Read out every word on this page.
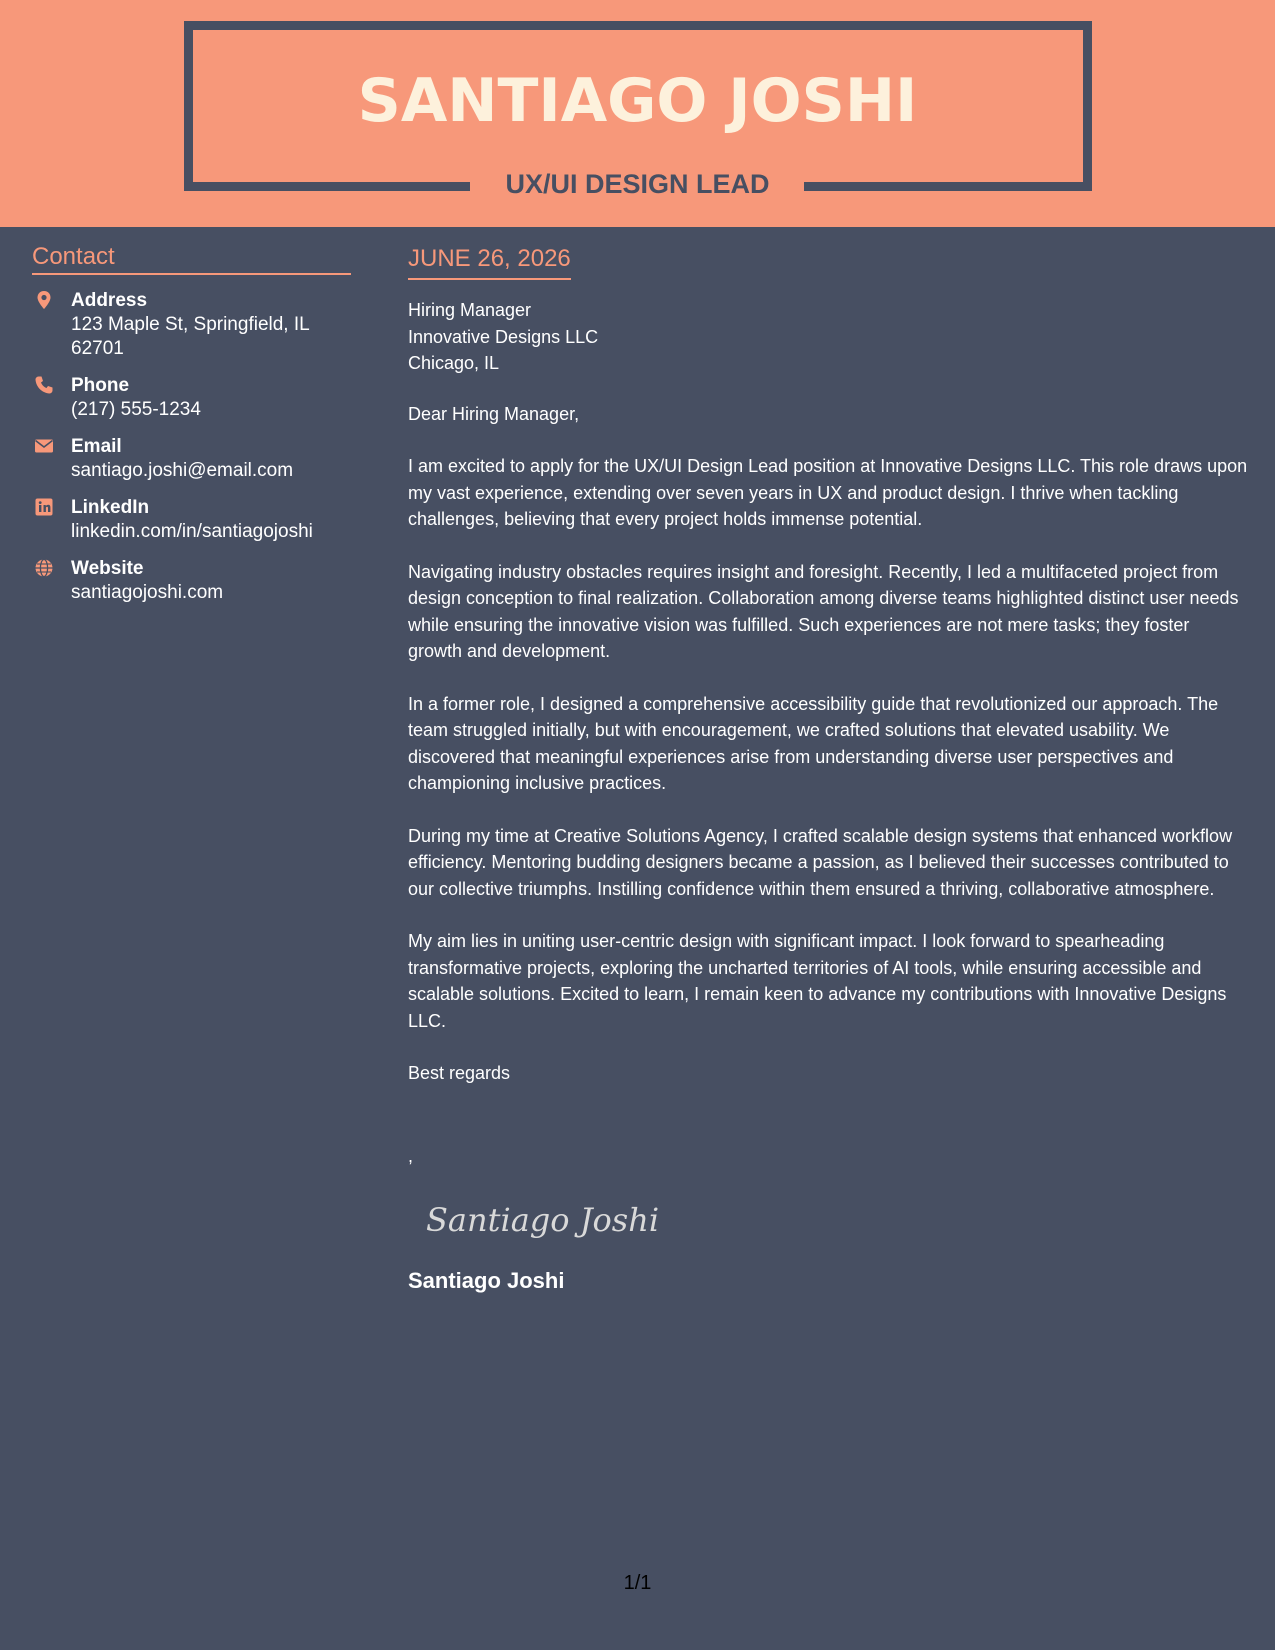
SANTIAGO JOSHI
UX/UI DESIGN LEAD
Contact
Address
123 Maple St, Springfield, IL 62701
Phone
(217) 555-1234
Email
santiago.joshi@email.com
LinkedIn
linkedin.com/in/santiagojoshi
Website
santiagojoshi.com
JUNE 26, 2026
Hiring Manager
Innovative Designs LLC
Chicago, IL
Dear Hiring Manager,
I am excited to apply for the UX/UI Design Lead position at Innovative Designs LLC. This role draws upon my vast experience, extending over seven years in UX and product design. I thrive when tackling challenges, believing that every project holds immense potential.
Navigating industry obstacles requires insight and foresight. Recently, I led a multifaceted project from design conception to final realization. Collaboration among diverse teams highlighted distinct user needs while ensuring the innovative vision was fulfilled. Such experiences are not mere tasks; they foster growth and development.
In a former role, I designed a comprehensive accessibility guide that revolutionized our approach. The team struggled initially, but with encouragement, we crafted solutions that elevated usability. We discovered that meaningful experiences arise from understanding diverse user perspectives and championing inclusive practices.
During my time at Creative Solutions Agency, I crafted scalable design systems that enhanced workflow efficiency. Mentoring budding designers became a passion, as I believed their successes contributed to our collective triumphs. Instilling confidence within them ensured a thriving, collaborative atmosphere.
My aim lies in uniting user-centric design with significant impact. I look forward to spearheading transformative projects, exploring the uncharted territories of AI tools, while ensuring accessible and scalable solutions. Excited to learn, I remain keen to advance my contributions with Innovative Designs LLC.
Best regards
,
Santiago Joshi
Santiago Joshi
1/1
